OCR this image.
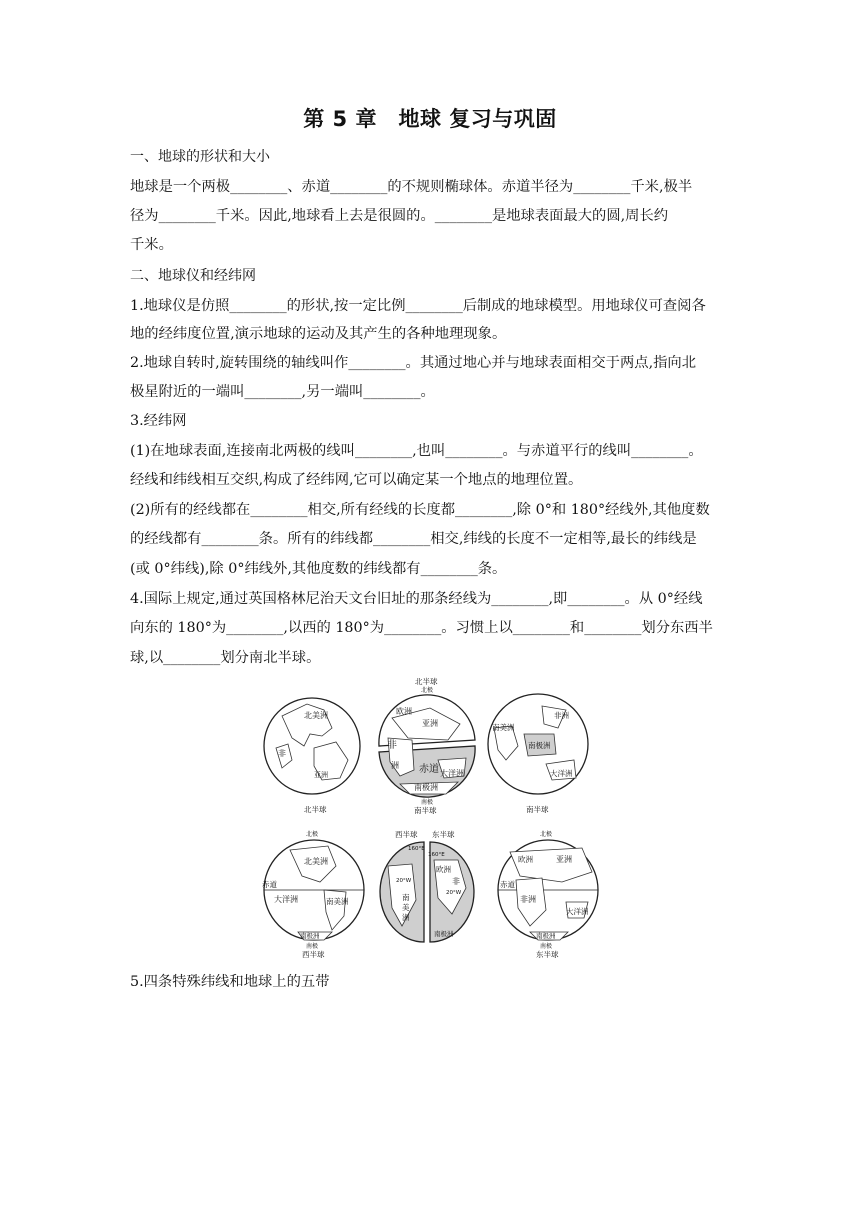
第 5 章　地球 复习与巩固
一、地球的形状和大小
地球是一个两极________、赤道________的不规则椭球体。赤道半径为________千米,极半
径为________千米。因此,地球看上去是很圆的。________是地球表面最大的圆,周长约
千米。
二、地球仪和经纬网
1.地球仪是仿照________的形状,按一定比例________后制成的地球模型。用地球仪可查阅各
地的经纬度位置,演示地球的运动及其产生的各种地理现象。
2.地球自转时,旋转围绕的轴线叫作________。其通过地心并与地球表面相交于两点,指向北
极星附近的一端叫________,另一端叫________。
3.经纬网
(1)在地球表面,连接南北两极的线叫________,也叫________。与赤道平行的线叫________。
经线和纬线相互交织,构成了经纬网,它可以确定某一个地点的地理位置。
(2)所有的经线都在________相交,所有经线的长度都________,除 0°和 180°经线外,其他度数
的经线都有________条。所有的纬线都________相交,纬线的长度不一定相等,最长的纬线是
(或 0°纬线),除 0°纬线外,其他度数的纬线都有________条。
4.国际上规定,通过英国格林尼治天文台旧址的那条经线为________,即________。从 0°经线
向东的 180°为________,以西的 180°为________。习惯上以________和________划分东西半
球,以________划分南北半球。
北美洲
非
亚洲
北半球
北半球
北极
欧洲
亚洲
非
洲 赤道 大洋洲
南极洲
南极
南半球
南美洲
非洲
南极洲
大洋洲
南半球
北极
北美洲
赤道
大洋洲	南美洲
南极洲
南极
西半球
西半球 东半球
160°E
160°E
20°W
20°W
欧洲
非
南
美
洲
南极洲
北极
欧洲	亚洲
赤道
非洲
大洋洲
南极洲
南极
东半球
5.四条特殊纬线和地球上的五带
